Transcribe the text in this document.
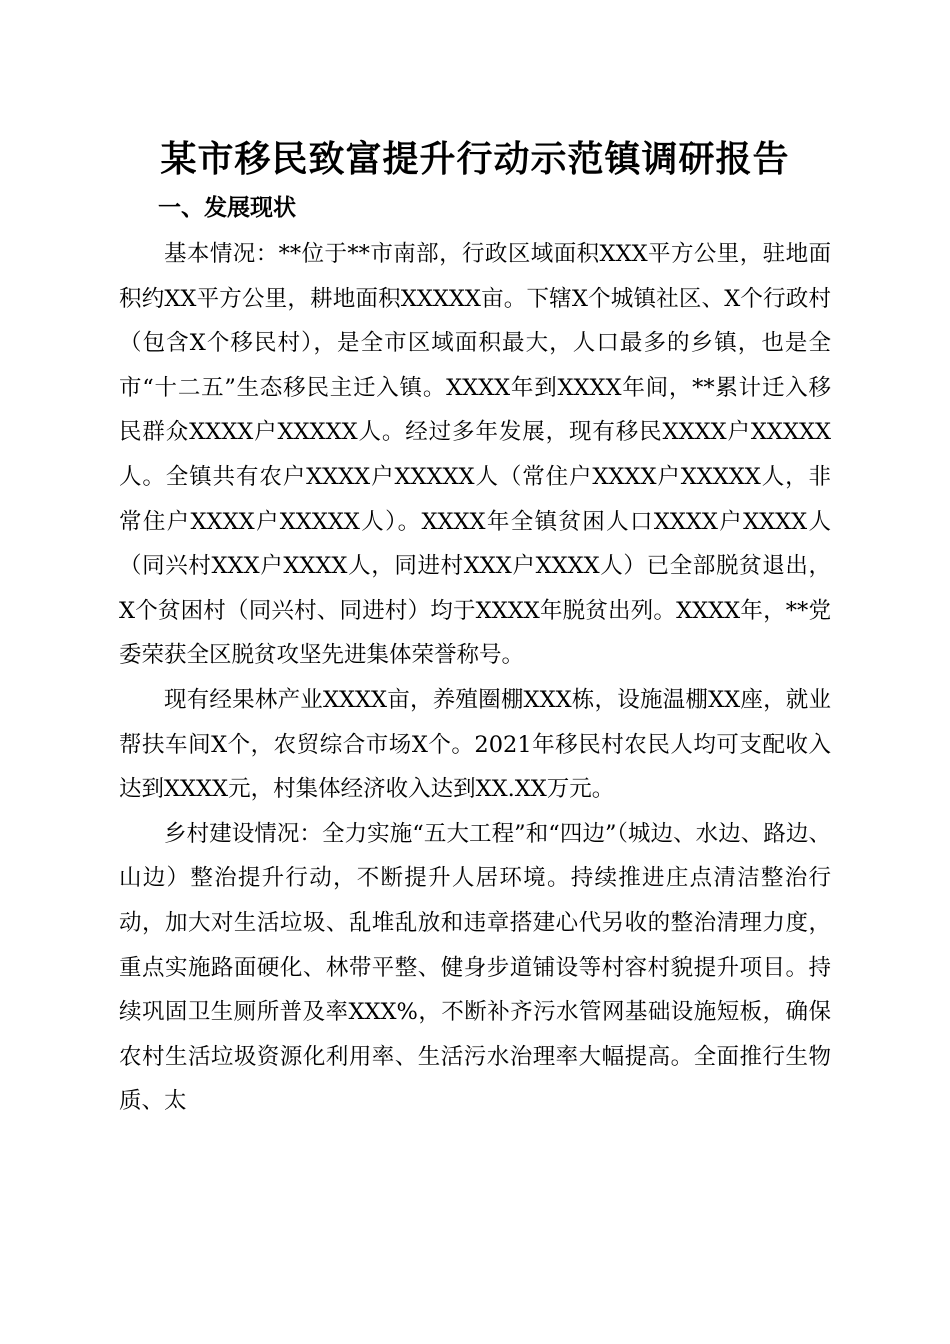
某市移民致富提升行动示范镇调研报告
一、发展现状

基本情况：**位于**市南部，行政区域面积XXX平方公里，驻地面积约XX平方公里，耕地面积XXXXX亩。下辖X个城镇社区、X个行政村（包含X个移民村），是全市区域面积最大，人口最多的乡镇，也是全市“十二五”生态移民主迁入镇。XXXX年到XXXX年间，**累计迁入移民群众XXXX户XXXXX人。经过多年发展，现有移民XXXX户XXXXX人。全镇共有农户XXXX户XXXXX人（常住户XXXX户XXXXX人，非常住户XXXX户XXXXX人）。XXXX年全镇贫困人口XXXX户XXXX人（同兴村XXX户XXXX人，同进村XXX户XXXX人）已全部脱贫退出，X个贫困村（同兴村、同进村）均于XXXX年脱贫出列。XXXX年，**党委荣获全区脱贫攻坚先进集体荣誉称号。

现有经果林产业XXXX亩，养殖圈棚XXX栋，设施温棚XX座，就业帮扶车间X个，农贸综合市场X个。2021年移民村农民人均可支配收入达到XXXX元，村集体经济收入达到XX.XX万元。

乡村建设情况：全力实施“五大工程”和“四边”（城边、水边、路边、山边）整治提升行动，不断提升人居环境。持续推进庄点清洁整治行动，加大对生活垃圾、乱堆乱放和违章搭建心代另收的整治清理力度，重点实施路面硬化、林带平整、健身步道铺设等村容村貌提升项目。持续巩固卫生厕所普及率XXX%，不断补齐污水管网基础设施短板，确保农村生活垃圾资源化利用率、生活污水治理率大幅提高。全面推行生物质、太
